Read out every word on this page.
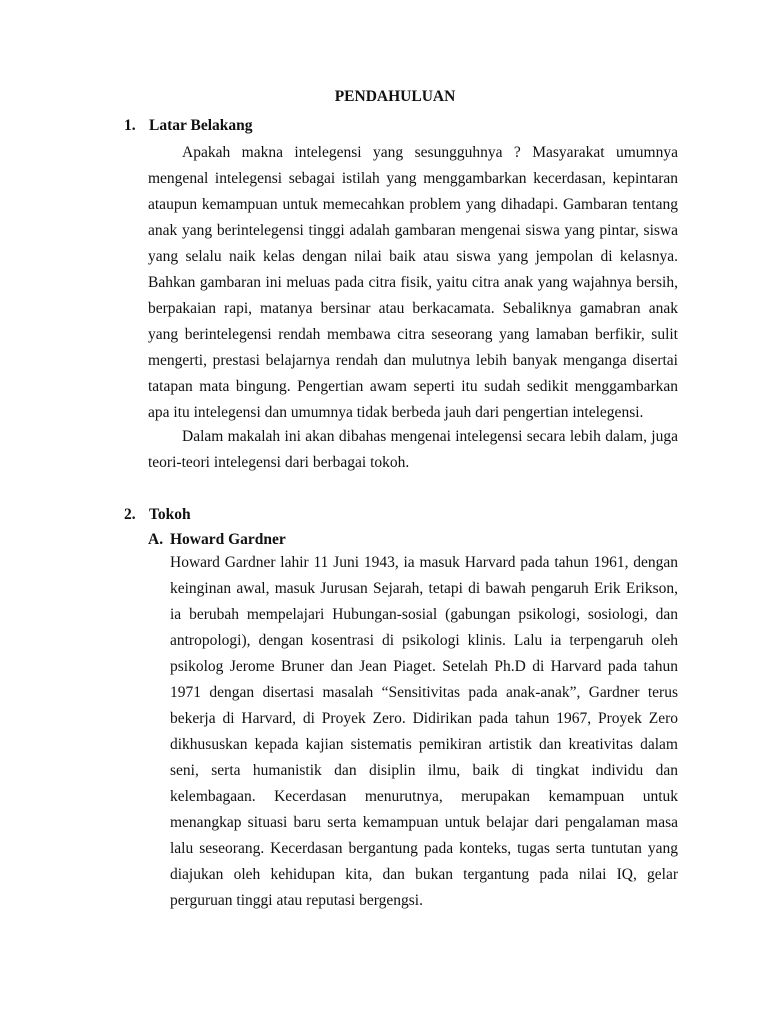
PENDAHULUAN
1. Latar Belakang

Apakah makna intelegensi yang sesungguhnya ? Masyarakat umumnya mengenal intelegensi sebagai istilah yang menggambarkan kecerdasan, kepintaran ataupun kemampuan untuk memecahkan problem yang dihadapi. Gambaran tentang anak yang berintelegensi tinggi adalah gambaran mengenai siswa yang pintar, siswa yang selalu naik kelas dengan nilai baik atau siswa yang jempolan di kelasnya. Bahkan gambaran ini meluas pada citra fisik, yaitu citra anak yang wajahnya bersih, berpakaian rapi, matanya bersinar atau berkacamata. Sebaliknya gamabran anak yang berintelegensi rendah membawa citra seseorang yang lamaban berfikir, sulit mengerti, prestasi belajarnya rendah dan mulutnya lebih banyak menganga disertai tatapan mata bingung. Pengertian awam seperti itu sudah sedikit menggambarkan apa itu intelegensi dan umumnya tidak berbeda jauh dari pengertian intelegensi.

Dalam makalah ini akan dibahas mengenai intelegensi secara lebih dalam, juga teori-teori intelegensi dari berbagai tokoh.

2. Tokoh
A. Howard Gardner

Howard Gardner lahir 11 Juni 1943, ia masuk Harvard pada tahun 1961, dengan keinginan awal, masuk Jurusan Sejarah, tetapi di bawah pengaruh Erik Erikson, ia berubah mempelajari Hubungan-sosial (gabungan psikologi, sosiologi, dan antropologi), dengan kosentrasi di psikologi klinis. Lalu ia terpengaruh oleh psikolog Jerome Bruner dan Jean Piaget. Setelah Ph.D di Harvard pada tahun 1971 dengan disertasi masalah “Sensitivitas pada anak-anak”, Gardner terus bekerja di Harvard, di Proyek Zero. Didirikan pada tahun 1967, Proyek Zero dikhususkan kepada kajian sistematis pemikiran artistik dan kreativitas dalam seni, serta humanistik dan disiplin ilmu, baik di tingkat individu dan kelembagaan. Kecerdasan menurutnya, merupakan kemampuan untuk menangkap situasi baru serta kemampuan untuk belajar dari pengalaman masa lalu seseorang. Kecerdasan bergantung pada konteks, tugas serta tuntutan yang diajukan oleh kehidupan kita, dan bukan tergantung pada nilai IQ, gelar perguruan tinggi atau reputasi bergengsi.
